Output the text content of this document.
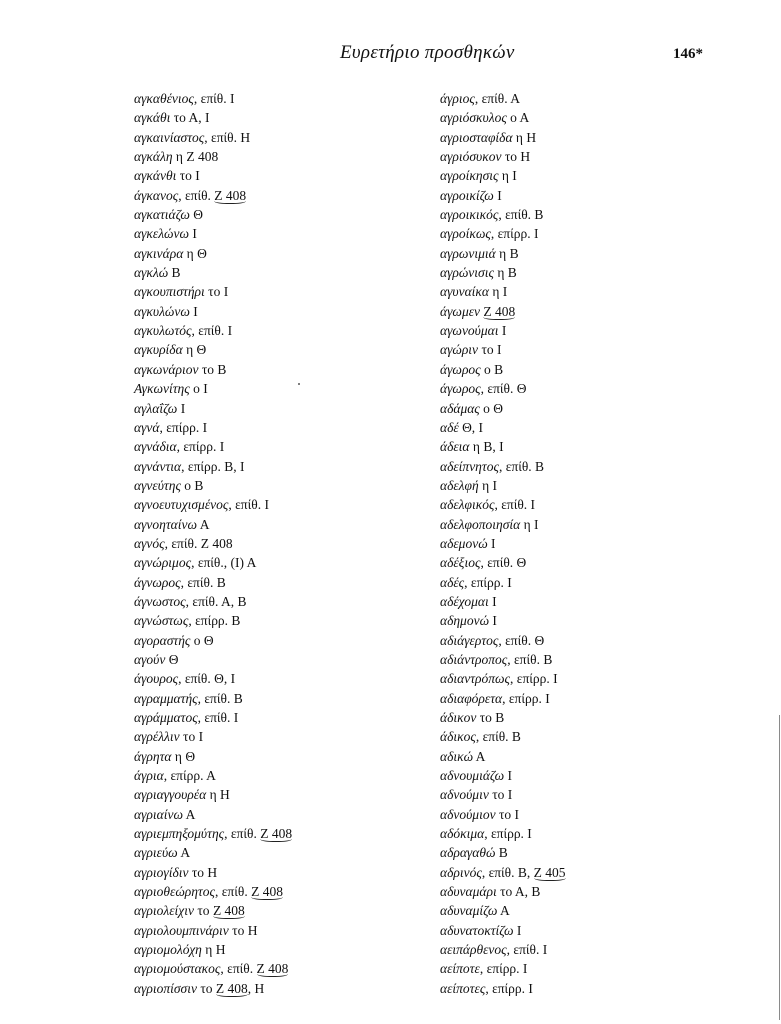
Ευρετήριο προσθηκών	146*
αγκαθένιος, επίθ. Ι
αγκάθι το Α, Ι
αγκαινίαστος, επίθ. Η
αγκάλη η Ζ 408
αγκάνθι το Ι
άγκανος, επίθ. Ζ 408
αγκατιάζω Θ
αγκελώνω Ι
αγκινάρα η Θ
αγκλώ Β
αγκουπιστήρι το Ι
αγκυλώνω Ι
αγκυλωτός, επίθ. Ι
αγκυρίδα η Θ
αγκωνάριον το Β
Αγκωνίτης ο Ι
αγλαΐζω Ι
αγνά, επίρρ. Ι
αγνάδια, επίρρ. Ι
αγνάντια, επίρρ. Β, Ι
αγνεύτης ο Β
αγνοευτυχισμένος, επίθ. Ι
αγνοηταίνω Α
αγνός, επίθ. Ζ 408
αγνώριμος, επίθ., (Ι) Α
άγνωρος, επίθ. Β
άγνωστος, επίθ. Α, Β
αγνώστως, επίρρ. Β
αγοραστής ο Θ
αγούν Θ
άγουρος, επίθ. Θ, Ι
αγραμματής, επίθ. Β
αγράμματος, επίθ. Ι
αγρέλλιν το Ι
άγρητα η Θ
άγρια, επίρρ. Α
αγριαγγουρέα η Η
αγριαίνω Α
αγριεμπηξομύτης, επίθ. Ζ 408
αγριεύω Α
αγριογίδιν το Η
αγριοθεώρητος, επίθ. Ζ 408
αγριολείχιν το Ζ 408
αγριολουμπινάριν το Η
αγριομολόχη η Η
αγριομούστακος, επίθ. Ζ 408
αγριοπίσσιν το Ζ 408, Η
άγριος, επίθ. Α
αγριόσκυλος ο Α
αγριοσταφίδα η Η
αγριόσυκον το Η
αγροίκησις η Ι
αγροικίζω Ι
αγροικικός, επίθ. Β
αγροίκως, επίρρ. Ι
αγρωνιμιά η Β
αγρώνισις η Β
αγυναίκα η Ι
άγωμεν Ζ 408
αγωνούμαι Ι
αγώριν το Ι
άγωρος ο Β
άγωρος, επίθ. Θ
αδάμας ο Θ
αδέ Θ, Ι
άδεια η Β, Ι
αδείπνητος, επίθ. Β
αδελφή η Ι
αδελφικός, επίθ. Ι
αδελφοποιησία η Ι
αδεμονώ Ι
αδέξιος, επίθ. Θ
αδές, επίρρ. Ι
αδέχομαι Ι
αδημονώ Ι
αδιάγερτος, επίθ. Θ
αδιάντροπος, επίθ. Β
αδιαντρόπως, επίρρ. Ι
αδιαφόρετα, επίρρ. Ι
άδικον το Β
άδικος, επίθ. Β
αδικώ Α
αδνουμιάζω Ι
αδνούμιν το Ι
αδνούμιον το Ι
αδόκιμα, επίρρ. Ι
αδραγαθώ Β
αδρινός, επίθ. Β, Ζ 405
αδυναμάρι το Α, Β
αδυναμίζω Α
αδυνατοκτίζω Ι
αειπάρθενος, επίθ. Ι
αείποτε, επίρρ. Ι
αείποτες, επίρρ. Ι
